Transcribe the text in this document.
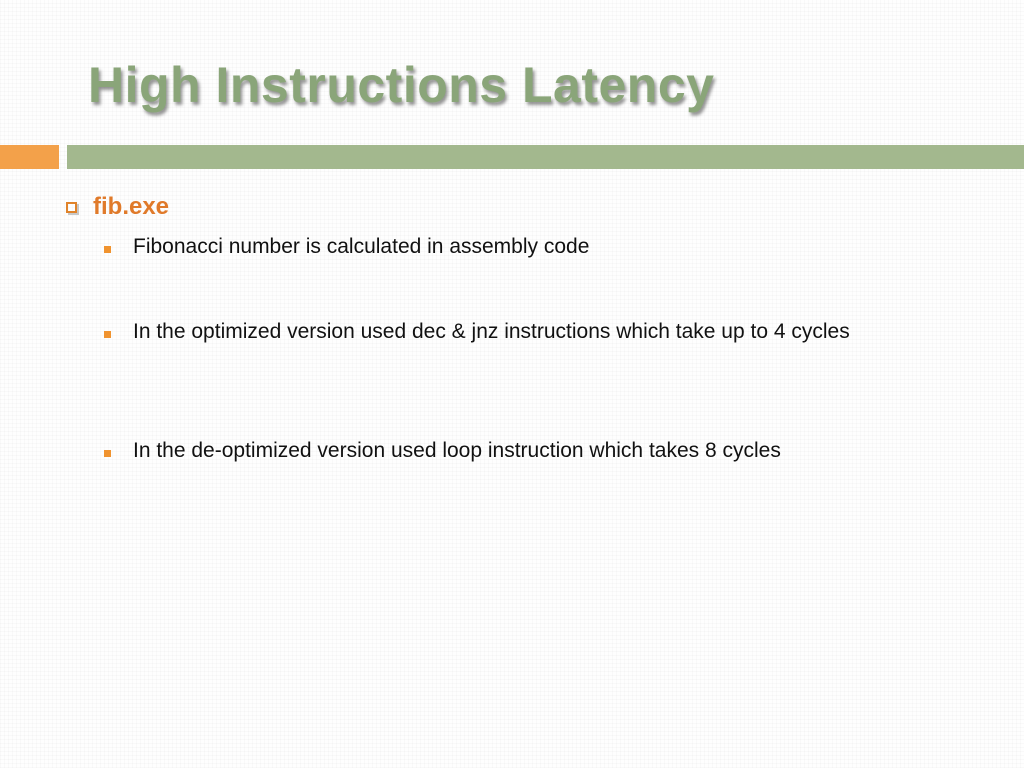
High Instructions Latency
fib.exe
Fibonacci number is calculated in assembly code
In the optimized version used dec & jnz instructions which take up to 4 cycles
In the de-optimized version used loop instruction which takes 8 cycles
